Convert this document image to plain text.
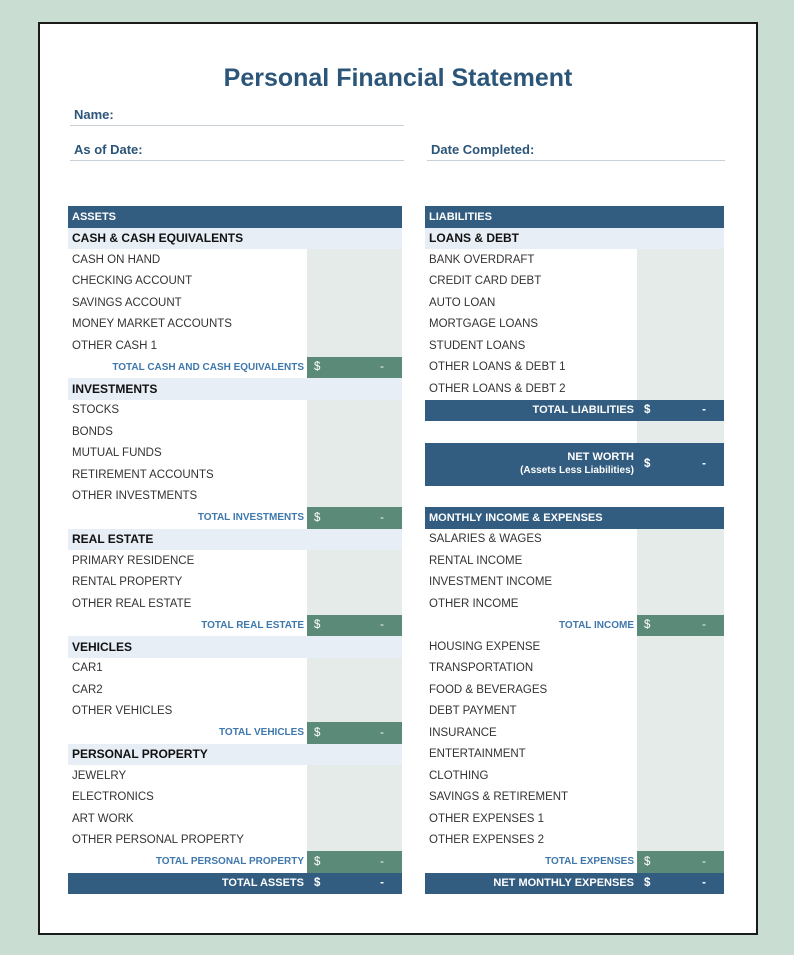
Personal Financial Statement
Name:
As of Date:	Date Completed:
ASSETS
CASH & CASH EQUIVALENTS
CASH ON HAND
CHECKING ACCOUNT
SAVINGS ACCOUNT
MONEY MARKET ACCOUNTS
OTHER CASH 1
TOTAL CASH AND CASH EQUIVALENTS $	-
INVESTMENTS
STOCKS
BONDS
MUTUAL FUNDS
RETIREMENT ACCOUNTS
OTHER INVESTMENTS
TOTAL INVESTMENTS $	-
REAL ESTATE
PRIMARY RESIDENCE
RENTAL PROPERTY
OTHER REAL ESTATE
TOTAL REAL ESTATE $	-
VEHICLES
CAR1
CAR2
OTHER VEHICLES
TOTAL VEHICLES $	-
PERSONAL PROPERTY
JEWELRY
ELECTRONICS
ART WORK
OTHER PERSONAL PROPERTY
TOTAL PERSONAL PROPERTY $	-
TOTAL ASSETS $	-
LIABILITIES
LOANS & DEBT
BANK OVERDRAFT
CREDIT CARD DEBT
AUTO LOAN
MORTGAGE LOANS
STUDENT LOANS
OTHER LOANS & DEBT 1
OTHER LOANS & DEBT 2
TOTAL LIABILITIES $	-
NET WORTH
(Assets Less Liabilities)
$	-
MONTHLY INCOME & EXPENSES
SALARIES & WAGES
RENTAL INCOME
INVESTMENT INCOME
OTHER INCOME
TOTAL INCOME $	-
HOUSING EXPENSE
TRANSPORTATION
FOOD & BEVERAGES
DEBT PAYMENT
INSURANCE
ENTERTAINMENT
CLOTHING
SAVINGS & RETIREMENT
OTHER EXPENSES 1
OTHER EXPENSES 2
TOTAL EXPENSES $	-
NET MONTHLY EXPENSES $	-
